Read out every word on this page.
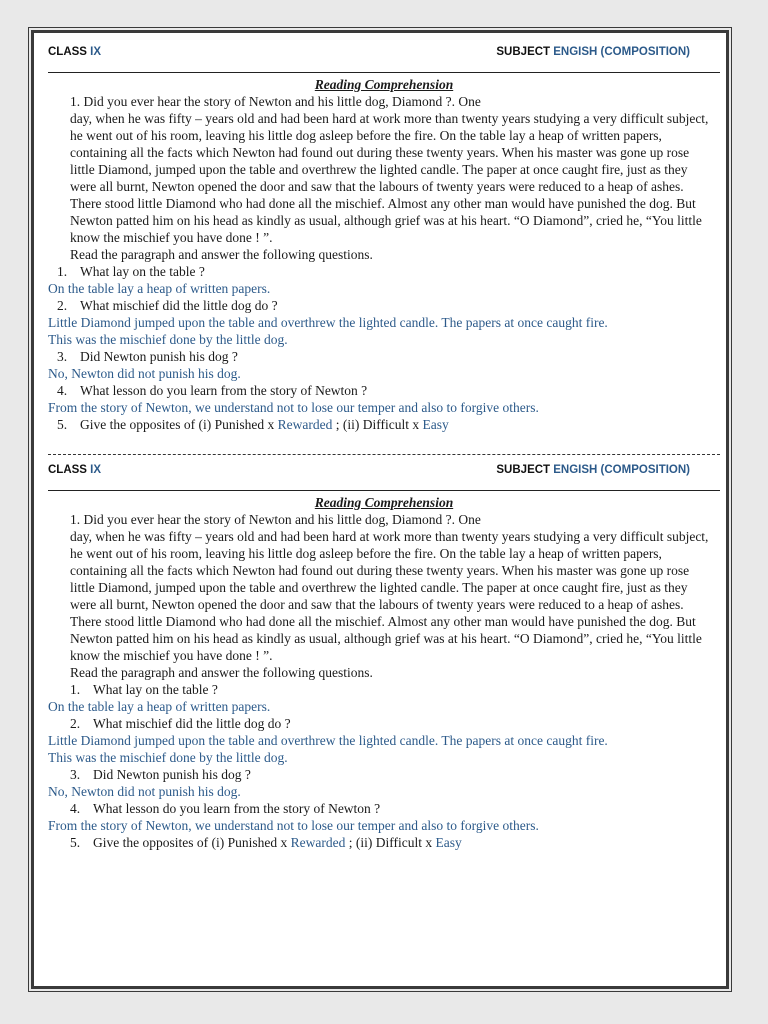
CLASS IX	SUBJECT ENGISH (COMPOSITION)
Reading Comprehension
1. Did you ever hear the story of Newton and his little dog, Diamond ?. One
day, when he was fifty – years old and had been hard at work more than twenty years studying a very difficult subject, he went out of his room, leaving his little dog asleep before the fire. On the table lay a heap of written papers, containing all the facts which Newton had found out during these twenty years. When his master was gone up rose little Diamond, jumped upon the table and overthrew the lighted candle. The paper at once caught fire, just as they were all burnt, Newton opened the door and saw that the labours of twenty years were reduced to a heap of ashes. There stood little Diamond who had done all the mischief. Almost any other man would have punished the dog. But Newton patted him on his head as kindly as usual, although grief was at his heart. “O Diamond”, cried he, “You little know the mischief you have done ! ”.
Read the paragraph and answer the following questions.
1. What lay on the table ?
On the table lay a heap of written papers.
2. What mischief did the little dog do ?
Little Diamond jumped upon the table and overthrew the lighted candle. The papers at once caught fire.
This was the mischief done by the little dog.
3. Did Newton punish his dog ?
No, Newton did not punish his dog.
4. What lesson do you learn from the story of Newton ?
From the story of Newton, we understand not to lose our temper and also to forgive others.
5. Give the opposites of (i) Punished x Rewarded ; (ii) Difficult x Easy
CLASS IX	SUBJECT ENGISH (COMPOSITION)
Reading Comprehension
1. Did you ever hear the story of Newton and his little dog, Diamond ?. One
day, when he was fifty – years old and had been hard at work more than twenty years studying a very difficult subject, he went out of his room, leaving his little dog asleep before the fire. On the table lay a heap of written papers, containing all the facts which Newton had found out during these twenty years. When his master was gone up rose little Diamond, jumped upon the table and overthrew the lighted candle. The paper at once caught fire, just as they were all burnt, Newton opened the door and saw that the labours of twenty years were reduced to a heap of ashes. There stood little Diamond who had done all the mischief. Almost any other man would have punished the dog. But Newton patted him on his head as kindly as usual, although grief was at his heart. “O Diamond”, cried he, “You little know the mischief you have done ! ”.
Read the paragraph and answer the following questions.
1. What lay on the table ?
On the table lay a heap of written papers.
2. What mischief did the little dog do ?
Little Diamond jumped upon the table and overthrew the lighted candle. The papers at once caught fire.
This was the mischief done by the little dog.
3. Did Newton punish his dog ?
No, Newton did not punish his dog.
4. What lesson do you learn from the story of Newton ?
From the story of Newton, we understand not to lose our temper and also to forgive others.
5. Give the opposites of (i) Punished x Rewarded ; (ii) Difficult x Easy
